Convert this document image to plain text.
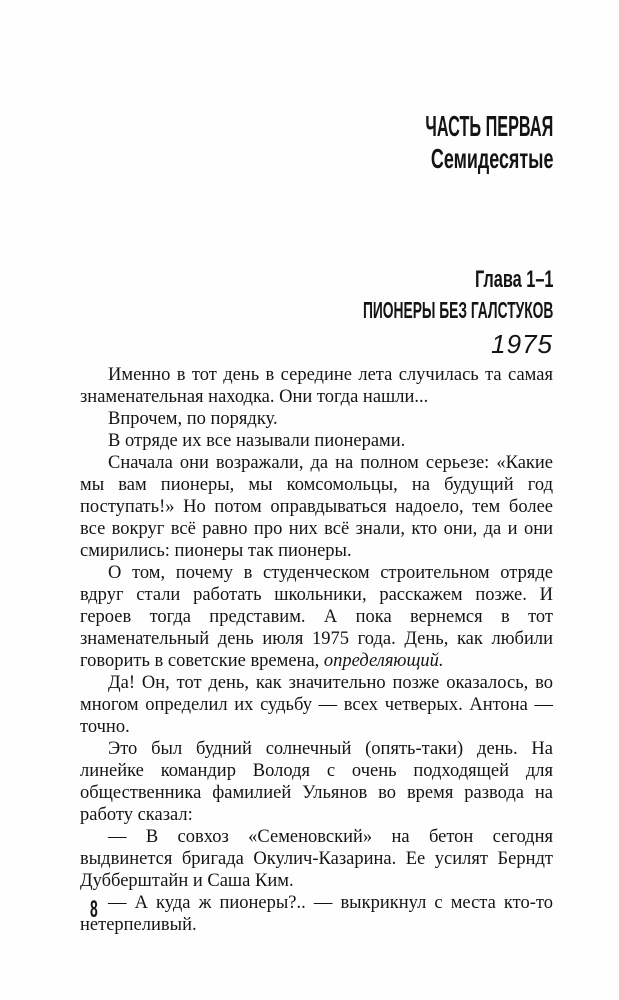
ЧАСТЬ ПЕРВАЯ
Семидесятые
Глава 1–1
ПИОНЕРЫ БЕЗ ГАЛСТУКОВ
1975

Именно в тот день в середине лета случилась та самая знаменательная находка. Они тогда нашли...

Впрочем, по порядку.

В отряде их все называли пионерами.

Сначала они возражали, да на полном серьезе: «Какие мы вам пионеры, мы комсомольцы, на будущий год поступать!» Но потом оправдываться надоело, тем более все вокруг всё равно про них всё знали, кто они, да и они смирились: пионеры так пионеры.

О том, почему в студенческом строительном отряде вдруг стали работать школьники, расскажем позже. И героев тогда представим. А пока вернемся в тот знаменательный день июля 1975 года. День, как любили говорить в советские времена, определяющий.

Да! Он, тот день, как значительно позже оказалось, во многом определил их судьбу — всех четверых. Антона — точно.

Это был будний солнечный (опять-таки) день. На линейке командир Володя с очень подходящей для общественника фамилией Ульянов во время развода на работу сказал:

— В совхоз «Семеновский» на бетон сегодня выдвинется бригада Окулич-Казарина. Ее усилят Берндт Дубберштайн и Саша Ким.

— А куда ж пионеры?.. — выкрикнул с места кто-то нетерпеливый.

8
